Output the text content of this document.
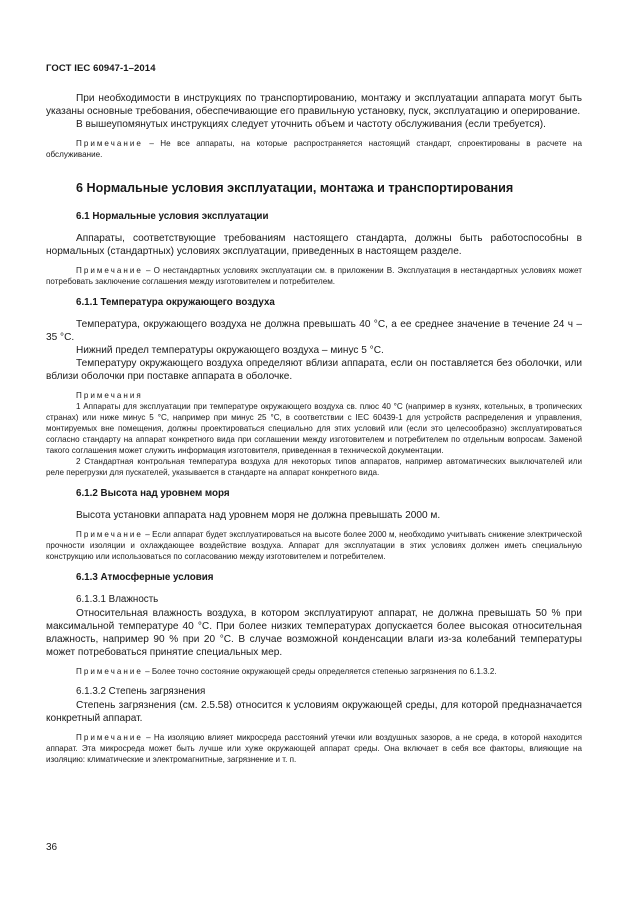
ГОСТ IEC 60947-1–2014

При необходимости в инструкциях по транспортированию, монтажу и эксплуатации аппарата могут быть указаны основные требования, обеспечивающие его правильную установку, пуск, эксплуатацию и оперирование.

В вышеупомянутых инструкциях следует уточнить объем и частоту обслуживания (если требуется).

Примечание – Не все аппараты, на которые распространяется настоящий стандарт, спроектированы в расчете на обслуживание.

6 Нормальные условия эксплуатации, монтажа и транспортирования
6.1 Нормальные условия эксплуатации

Аппараты, соответствующие требованиям настоящего стандарта, должны быть работоспособны в нормальных (стандартных) условиях эксплуатации, приведенных в настоящем разделе.

Примечание – О нестандартных условиях эксплуатации см. в приложении B. Эксплуатация в нестандартных условиях может потребовать заключение соглашения между изготовителем и потребителем.

6.1.1 Температура окружающего воздуха

Температура, окружающего воздуха не должна превышать 40 °С, а ее среднее значение в течение 24 ч – 35 °С.

Нижний предел температуры окружающего воздуха – минус 5 °С.

Температуру окружающего воздуха определяют вблизи аппарата, если он поставляется без оболочки, или вблизи оболочки при поставке аппарата в оболочке.

Примечания

1 Аппараты для эксплуатации при температуре окружающего воздуха св. плюс 40 °С (например в кузнях, котельных, в тропических странах) или ниже минус 5 °С, например при минус 25 °С, в соответствии с IEC 60439-1 для устройств распределения и управления, монтируемых вне помещения, должны проектироваться специально для этих условий или (если это целесообразно) эксплуатироваться согласно стандарту на аппарат конкретного вида при соглашении между изготовителем и потребителем по отдельным вопросам. Заменой такого соглашения может служить информация изготовителя, приведенная в технической документации.

2 Стандартная контрольная температура воздуха для некоторых типов аппаратов, например автоматических выключателей или реле перегрузки для пускателей, указывается в стандарте на аппарат конкретного вида.

6.1.2 Высота над уровнем моря

Высота установки аппарата над уровнем моря не должна превышать 2000 м.

Примечание – Если аппарат будет эксплуатироваться на высоте более 2000 м, необходимо учитывать снижение электрической прочности изоляции и охлаждающее воздействие воздуха. Аппарат для эксплуатации в этих условиях должен иметь специальную конструкцию или использоваться по согласованию между изготовителем и потребителем.

6.1.3 Атмосферные условия
6.1.3.1 Влажность

Относительная влажность воздуха, в котором эксплуатируют аппарат, не должна превышать 50 % при максимальной температуре 40 °С. При более низких температурах допускается более высокая относительная влажность, например 90 % при 20 °С. В случае возможной конденсации влаги из-за колебаний температуры может потребоваться принятие специальных мер.

Примечание – Более точно состояние окружающей среды определяется степенью загрязнения по 6.1.3.2.

6.1.3.2 Степень загрязнения

Степень загрязнения (см. 2.5.58) относится к условиям окружающей среды, для которой предназначается конкретный аппарат.

Примечание – На изоляцию влияет микросреда расстояний утечки или воздушных зазоров, а не среда, в которой находится аппарат. Эта микросреда может быть лучше или хуже окружающей аппарат среды. Она включает в себя все факторы, влияющие на изоляцию: климатические и электромагнитные, загрязнение и т. п.

36
